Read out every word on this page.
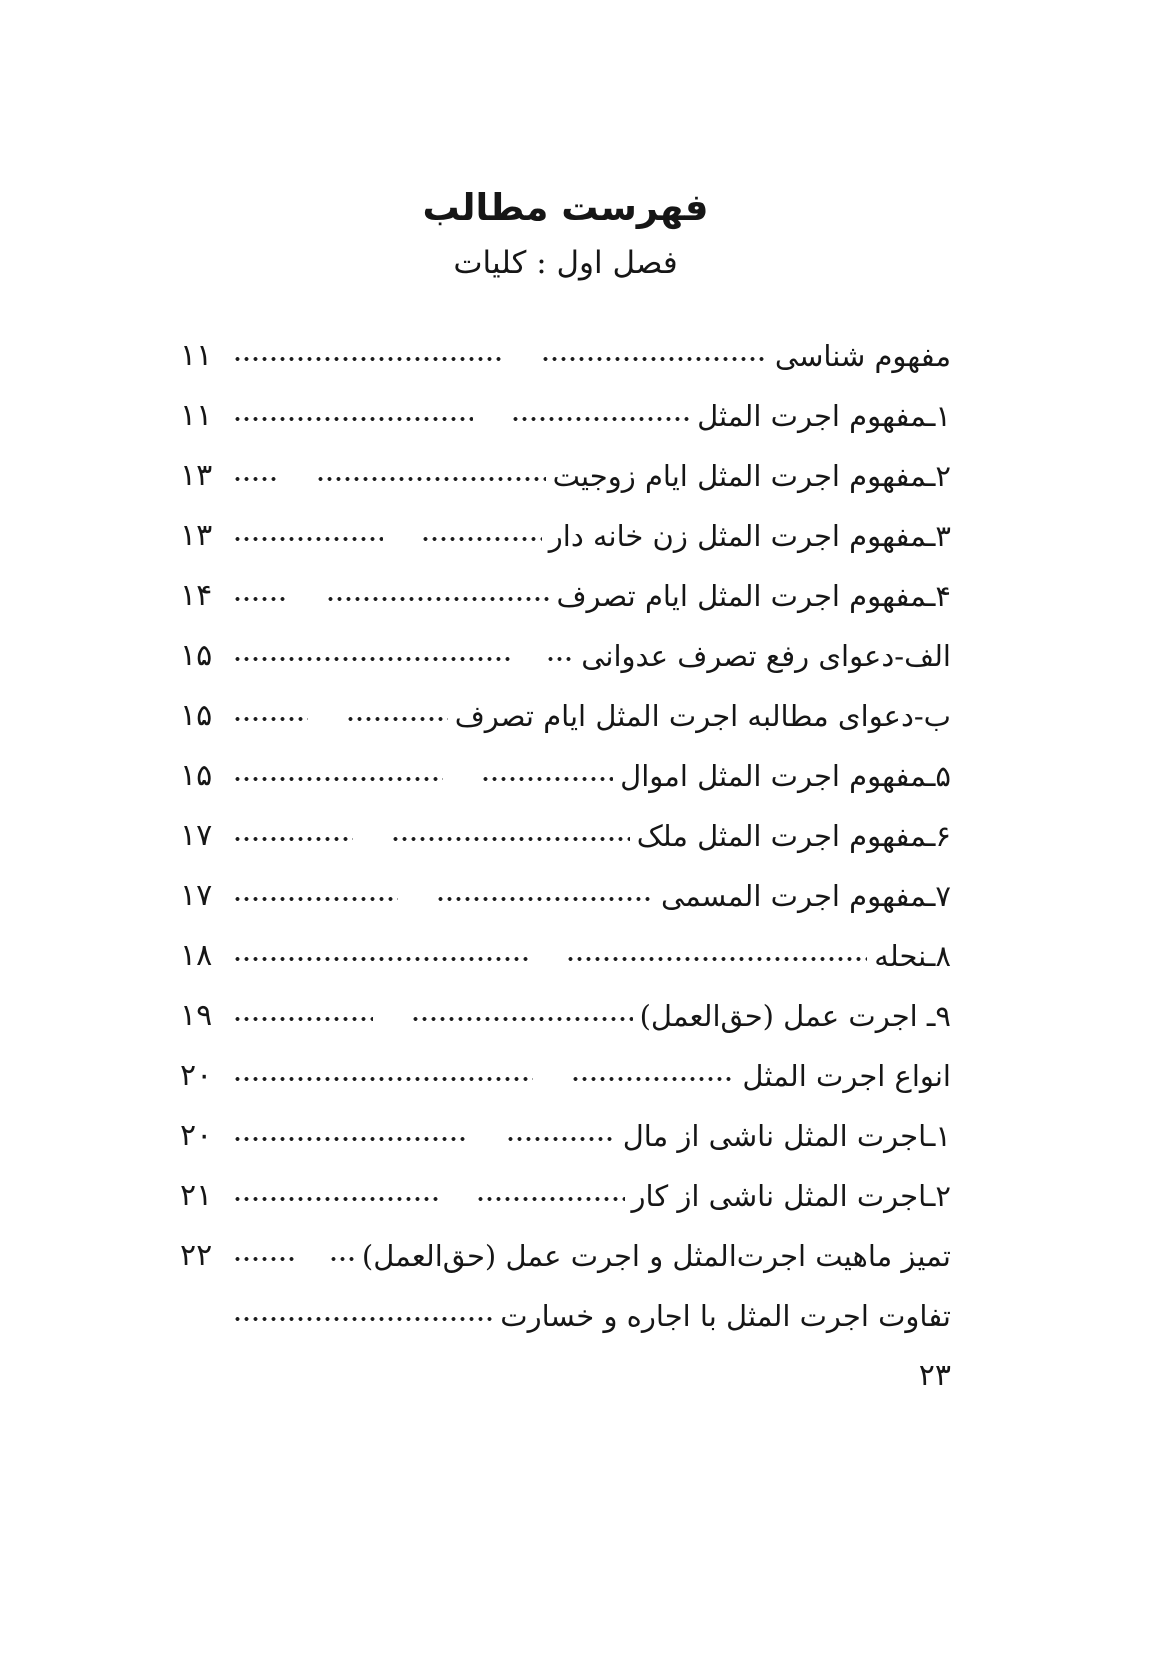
فهرست مطالب
فصل اول : کلیات
مفهوم شناسی
۱۱
۱ـمفهوم اجرت المثل
۱۱
۲ـمفهوم اجرت المثل ایام زوجیت
۱۳
۳ـمفهوم اجرت المثل زن خانه دار
۱۳
۴ـمفهوم اجرت المثل ایام تصرف
۱۴
الف-دعوای رفع تصرف عدوانی
۱۵
ب-دعوای مطالبه اجرت المثل ایام تصرف
۱۵
۵ـمفهوم اجرت المثل اموال
۱۵
۶ـمفهوم اجرت المثل ملک
۱۷
۷ـمفهوم اجرت المسمی
۱۷
۸ـنحله
۱۸
۹ـ اجرت عمل (حق‌العمل)
۱۹
انواع اجرت المثل
۲۰
۱ـاجرت المثل ناشی از مال
۲۰
۲ـاجرت المثل ناشی از کار
۲۱
تمیز ماهیت اجرت‌المثل و اجرت عمل (حق‌العمل)
۲۲
تفاوت اجرت المثل با اجاره و خسارت
۲۳
